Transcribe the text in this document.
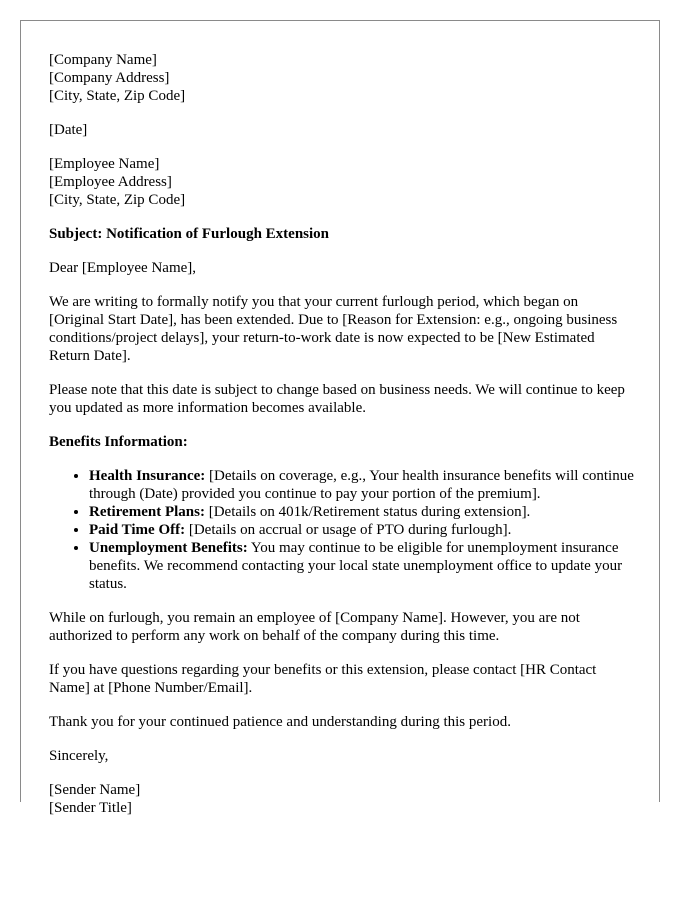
[Company Name]
[Company Address]
[City, State, Zip Code]

[Date]

[Employee Name]
[Employee Address]
[City, State, Zip Code]
Subject: Notification of Furlough Extension

Dear [Employee Name],

We are writing to formally notify you that your current furlough period, which began on [Original Start Date], has been extended. Due to [Reason for Extension: e.g., ongoing business conditions/project delays], your return-to-work date is now expected to be [New Estimated Return Date].

Please note that this date is subject to change based on business needs. We will continue to keep you updated as more information becomes available.

Benefits Information:
• Health Insurance: [Details on coverage, e.g., Your health insurance benefits will continue through (Date) provided you continue to pay your portion of the premium].
• Retirement Plans: [Details on 401k/Retirement status during extension].
• Paid Time Off: [Details on accrual or usage of PTO during furlough].
• Unemployment Benefits: You may continue to be eligible for unemployment insurance benefits. We recommend contacting your local state unemployment office to update your status.

While on furlough, you remain an employee of [Company Name]. However, you are not authorized to perform any work on behalf of the company during this time.

If you have questions regarding your benefits or this extension, please contact [HR Contact Name] at [Phone Number/Email].

Thank you for your continued patience and understanding during this period.

Sincerely,

[Sender Name]
[Sender Title]
